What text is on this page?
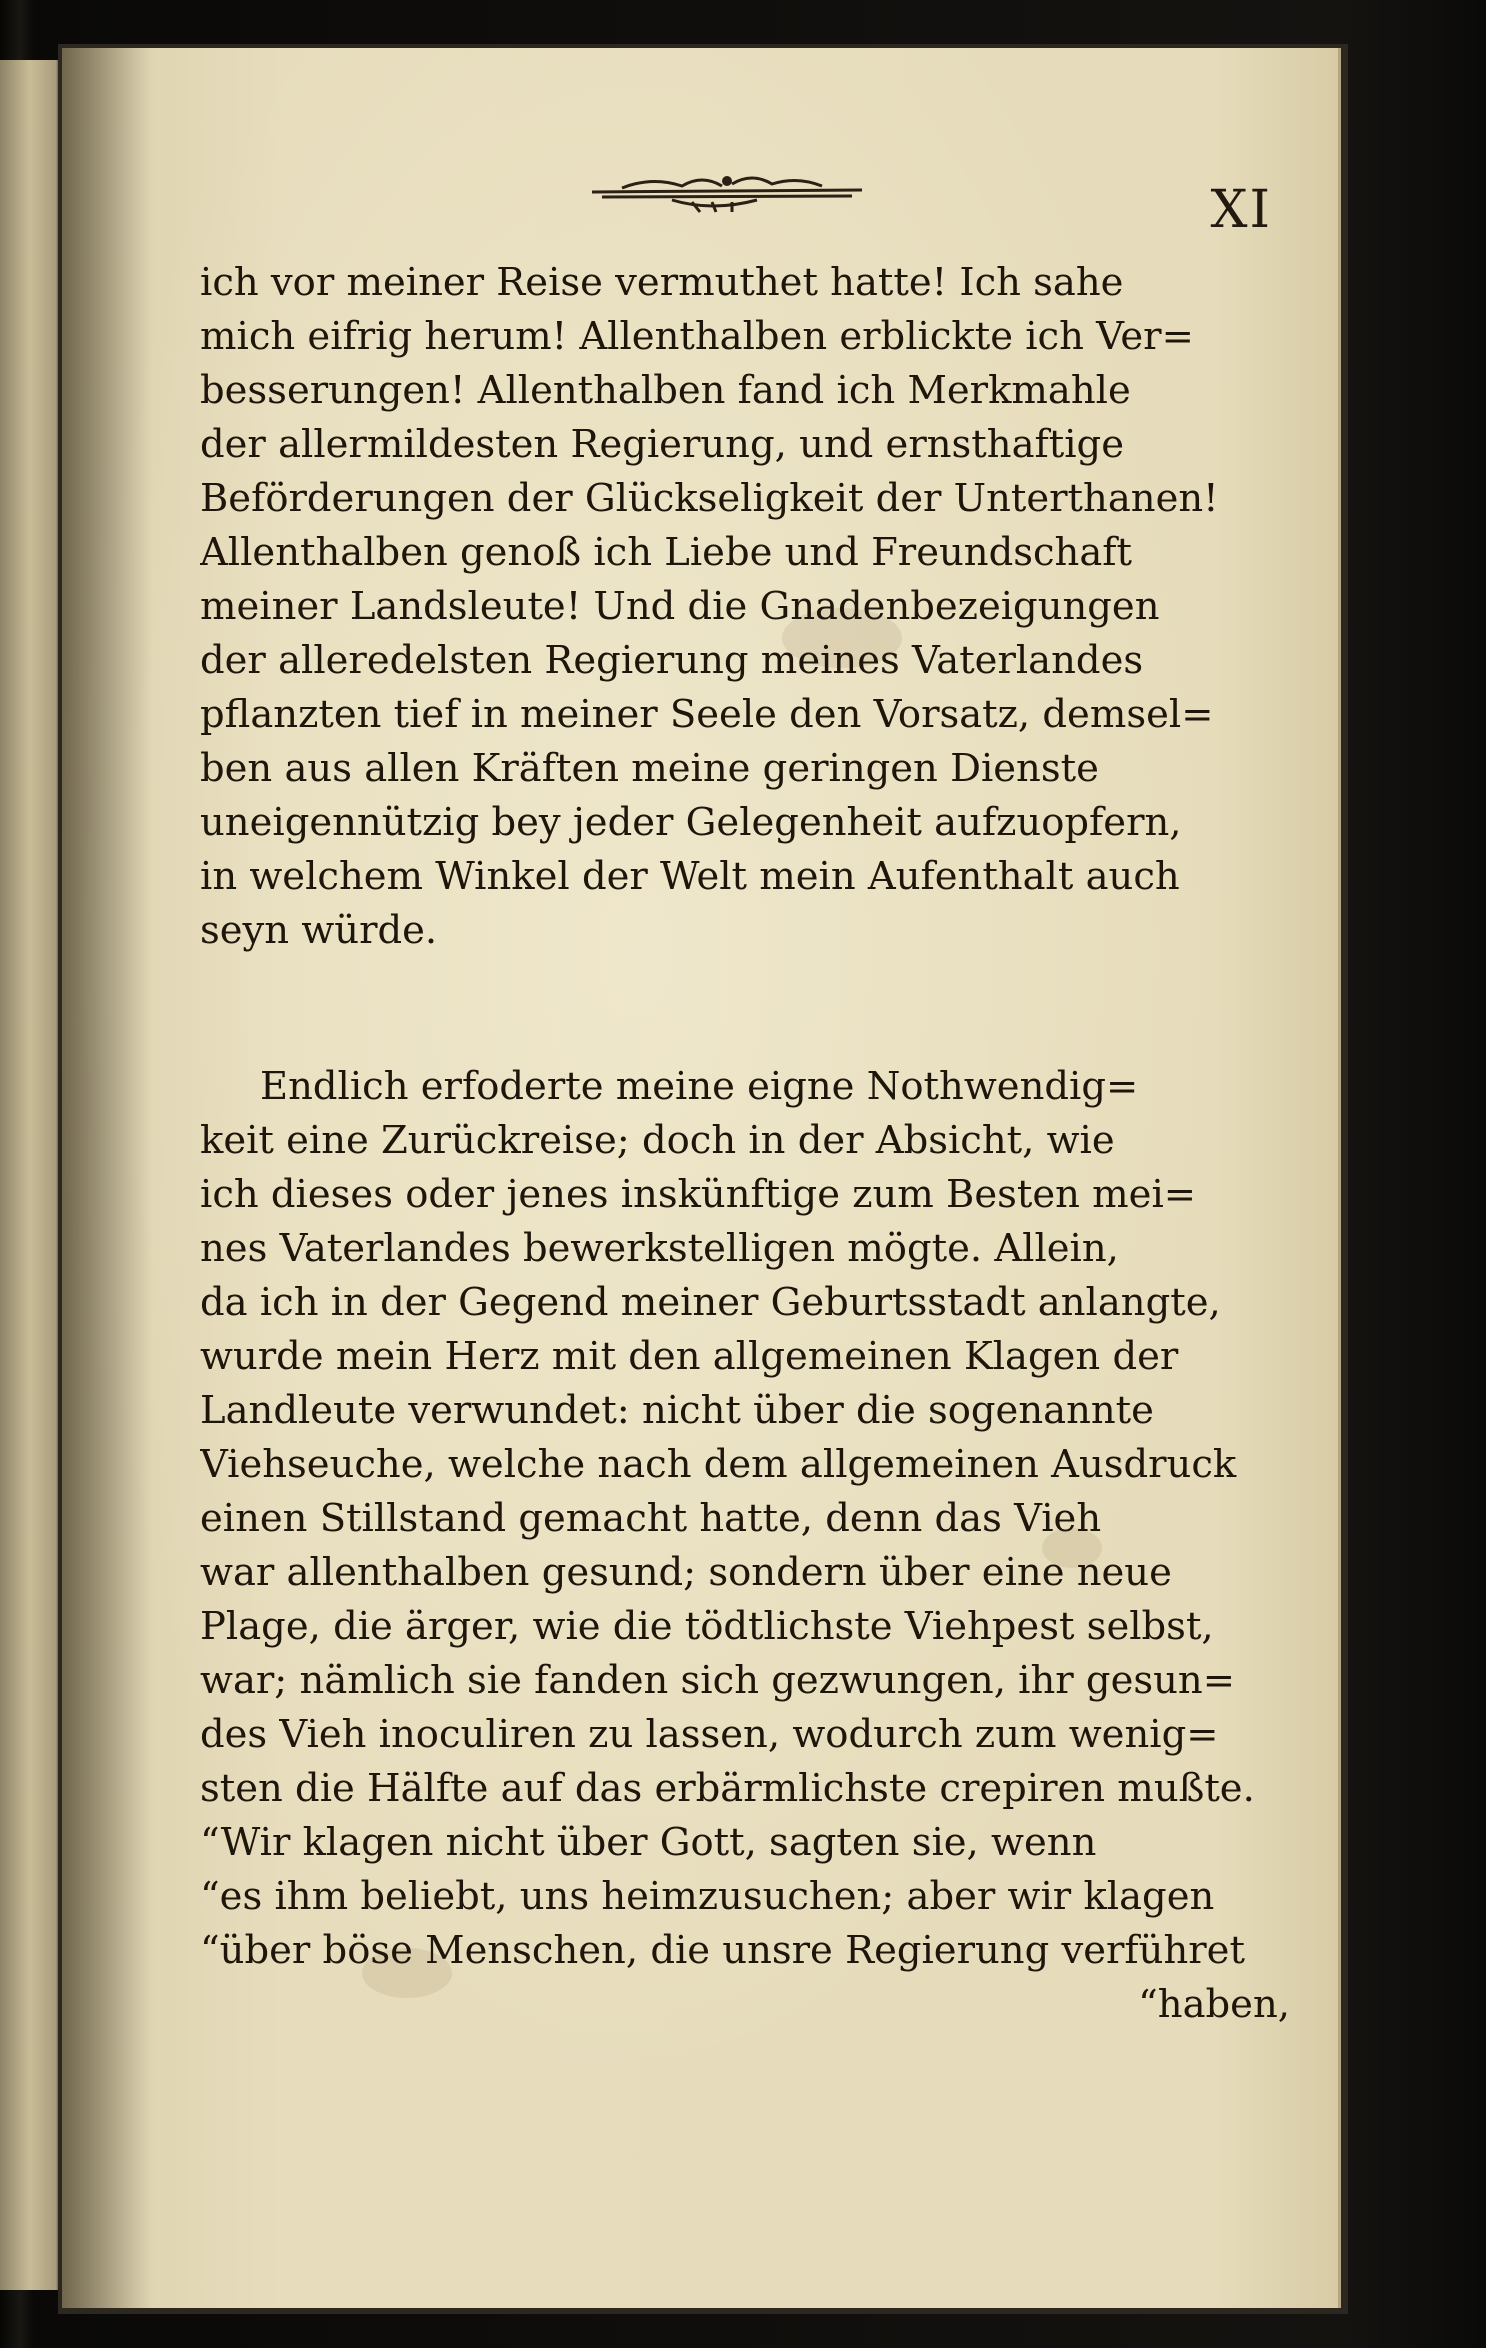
XI
ich vor meiner Reise vermuthet hatte! Ich sahe
mich eifrig herum! Allenthalben erblickte ich Ver=
besserungen! Allenthalben fand ich Merkmahle
der allermildesten Regierung, und ernsthaftige
Beförderungen der Glückseligkeit der Unterthanen!
Allenthalben genoß ich Liebe und Freundschaft
meiner Landsleute! Und die Gnadenbezeigungen
der alleredelsten Regierung meines Vaterlandes
pflanzten tief in meiner Seele den Vorsatz, demsel=
ben aus allen Kräften meine geringen Dienste
uneigennützig bey jeder Gelegenheit aufzuopfern,
in welchem Winkel der Welt mein Aufenthalt auch
seyn würde.
Endlich erfoderte meine eigne Nothwendig=
keit eine Zurückreise; doch in der Absicht, wie
ich dieses oder jenes inskünftige zum Besten mei=
nes Vaterlandes bewerkstelligen mögte. Allein,
da ich in der Gegend meiner Geburtsstadt anlangte,
wurde mein Herz mit den allgemeinen Klagen der
Landleute verwundet: nicht über die sogenannte
Viehseuche, welche nach dem allgemeinen Ausdruck
einen Stillstand gemacht hatte, denn das Vieh
war allenthalben gesund; sondern über eine neue
Plage, die ärger, wie die tödtlichste Viehpest selbst,
war; nämlich sie fanden sich gezwungen, ihr gesun=
des Vieh inoculiren zu lassen, wodurch zum wenig=
sten die Hälfte auf das erbärmlichste crepiren mußte.
“Wir klagen nicht über Gott, sagten sie, wenn
“es ihm beliebt, uns heimzusuchen; aber wir klagen
“über böse Menschen, die unsre Regierung verführet
“haben,
